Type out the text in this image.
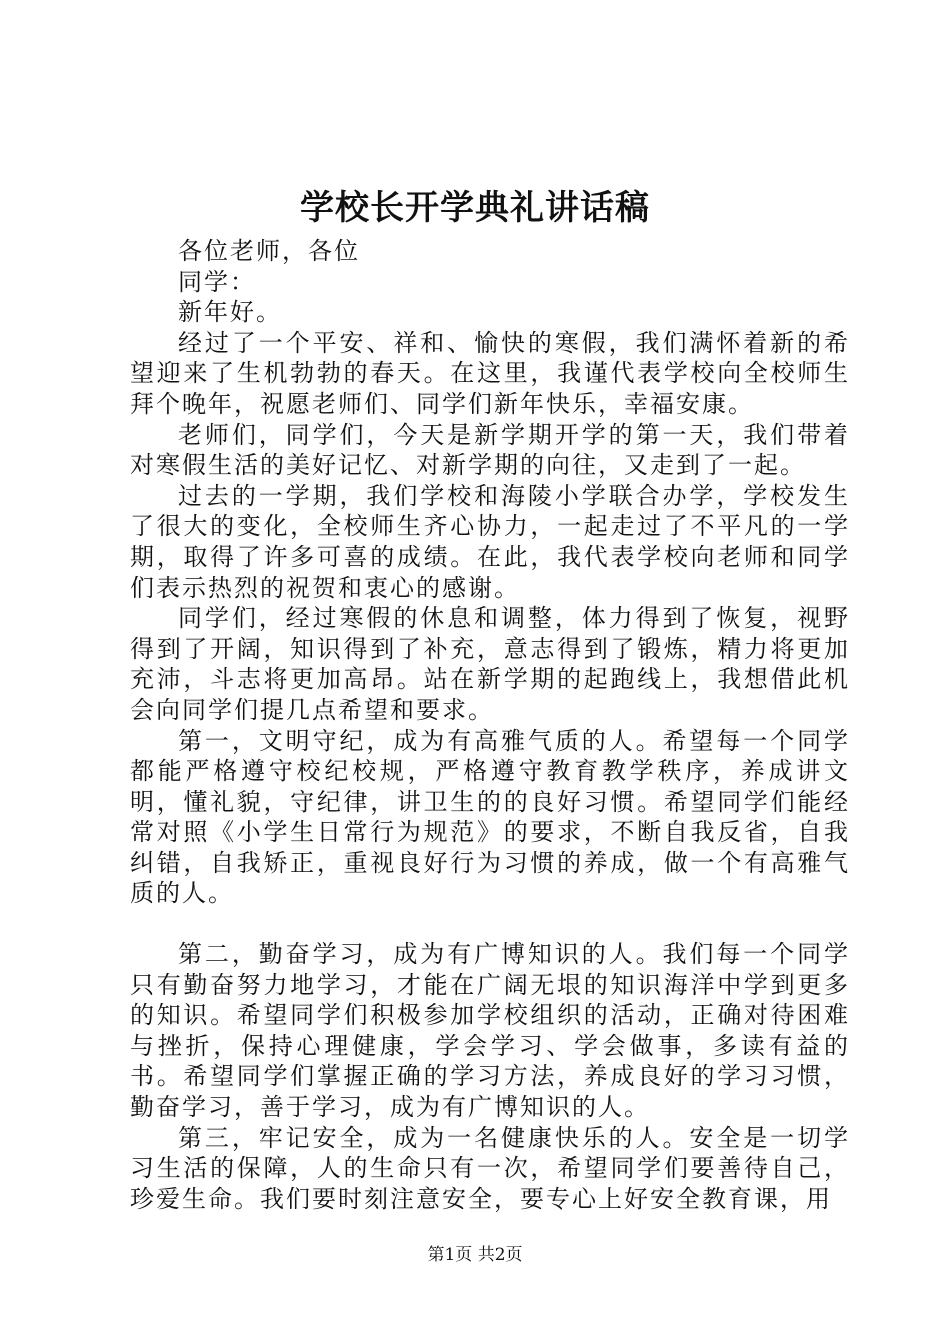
学校长开学典礼讲话稿

各位老师，各位

同学：

新年好。

经过了一个平安、祥和、愉快的寒假，我们满怀着新的希望迎来了生机勃勃的春天。在这里，我谨代表学校向全校师生拜个晚年，祝愿老师们、同学们新年快乐，幸福安康。

老师们，同学们，今天是新学期开学的第一天，我们带着对寒假生活的美好记忆、对新学期的向往，又走到了一起。

过去的一学期，我们学校和海陵小学联合办学，学校发生了很大的变化，全校师生齐心协力，一起走过了不平凡的一学期，取得了许多可喜的成绩。在此，我代表学校向老师和同学们表示热烈的祝贺和衷心的感谢。

同学们，经过寒假的休息和调整，体力得到了恢复，视野得到了开阔，知识得到了补充，意志得到了锻炼，精力将更加充沛，斗志将更加高昂。站在新学期的起跑线上，我想借此机会向同学们提几点希望和要求。

第一，文明守纪，成为有高雅气质的人。希望每一个同学都能严格遵守校纪校规，严格遵守教育教学秩序，养成讲文明，懂礼貌，守纪律，讲卫生的的良好习惯。希望同学们能经常对照《小学生日常行为规范》的要求，不断自我反省，自我纠错，自我矫正，重视良好行为习惯的养成，做一个有高雅气质的人。

第二，勤奋学习，成为有广博知识的人。我们每一个同学只有勤奋努力地学习，才能在广阔无垠的知识海洋中学到更多的知识。希望同学们积极参加学校组织的活动，正确对待困难与挫折，保持心理健康，学会学习、学会做事，多读有益的书。希望同学们掌握正确的学习方法，养成良好的学习习惯，勤奋学习，善于学习，成为有广博知识的人。

第三，牢记安全，成为一名健康快乐的人。安全是一切学习生活的保障，人的生命只有一次，希望同学们要善待自己，珍爱生命。我们要时刻注意安全，要专心上好安全教育课，用

第1页 共2页
